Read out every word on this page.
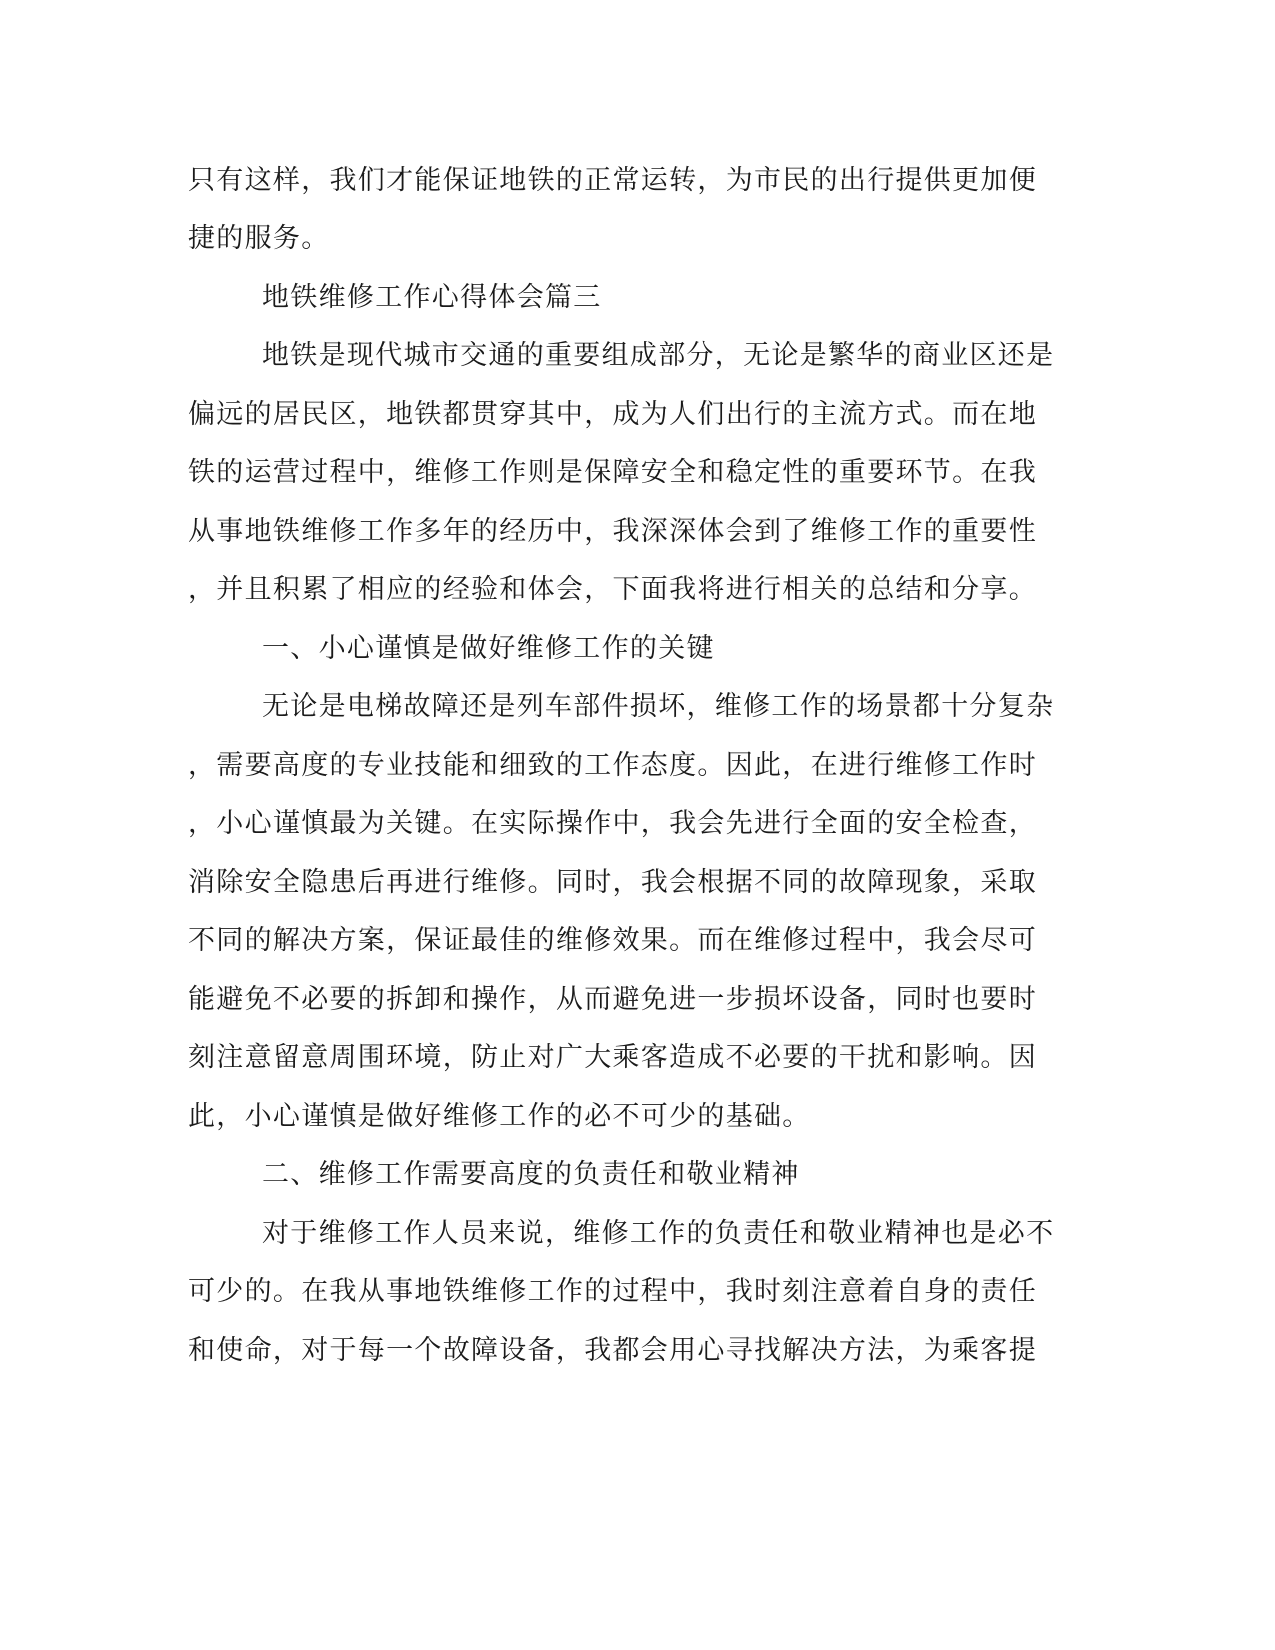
只有这样，我们才能保证地铁的正常运转，为市民的出行提供更加便
捷的服务。
地铁维修工作心得体会篇三
地铁是现代城市交通的重要组成部分，无论是繁华的商业区还是
偏远的居民区，地铁都贯穿其中，成为人们出行的主流方式。而在地
铁的运营过程中，维修工作则是保障安全和稳定性的重要环节。在我
从事地铁维修工作多年的经历中，我深深体会到了维修工作的重要性
，并且积累了相应的经验和体会，下面我将进行相关的总结和分享。
一、小心谨慎是做好维修工作的关键
无论是电梯故障还是列车部件损坏，维修工作的场景都十分复杂
，需要高度的专业技能和细致的工作态度。因此，在进行维修工作时
，小心谨慎最为关键。在实际操作中，我会先进行全面的安全检查，
消除安全隐患后再进行维修。同时，我会根据不同的故障现象，采取
不同的解决方案，保证最佳的维修效果。而在维修过程中，我会尽可
能避免不必要的拆卸和操作，从而避免进一步损坏设备，同时也要时
刻注意留意周围环境，防止对广大乘客造成不必要的干扰和影响。因
此，小心谨慎是做好维修工作的必不可少的基础。
二、维修工作需要高度的负责任和敬业精神
对于维修工作人员来说，维修工作的负责任和敬业精神也是必不
可少的。在我从事地铁维修工作的过程中，我时刻注意着自身的责任
和使命，对于每一个故障设备，我都会用心寻找解决方法，为乘客提
